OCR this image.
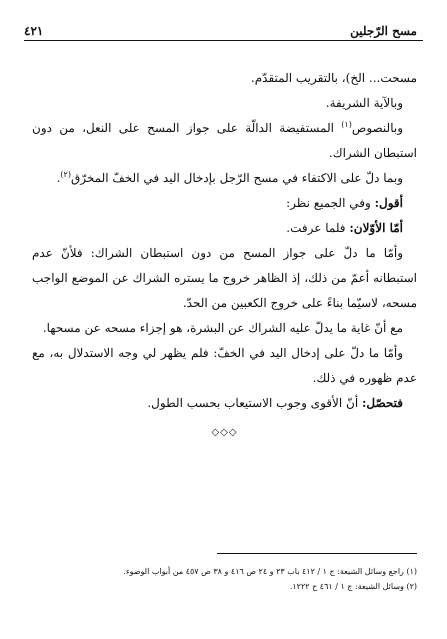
مسح الرّجلين
٤٢١

مسحت... الخ)، بالتقريب المتقدّم.

وبالآية الشريفة.

وبالنصوص$^{(١)}$ المستفيضة الدالّة على جواز المسح على النعل، من دون استبطان الشراك.

وبما دلّ على الاكتفاء في مسح الرّجل بإدخال اليد في الخفّ المخرّق$^{(٢)}$.

أقول: وفي الجميع نظر:

أمّا الأوّلان: فلما عرفت.

وأمّا ما دلّ على جواز المسح من دون استبطان الشراك: فلأنّ عدم استبطانه أعمّ من ذلك، إذ الظاهر خروج ما يستره الشراك عن الموضع الواجب مسحه، لاسيّما بناءً على خروج الكعبين من الحدّ.

مع أنّ غاية ما يدلّ عليه الشراك عن البشرة، هو إجزاء مسحه عن مسحها.

وأمّا ما دلّ على إدخال اليد في الخفّ: فلم يظهر لي وجه الاستدلال به، مع عدم ظهوره في ذلك.

فتحصّل: أنّ الأقوى وجوب الاستيعاب بحسب الطول.

◇◇◇

(١) راجع وسائل الشيعة: ج ١ / ٤١٢ باب ٢٣ و ٢٤ ص ٤١٦ و ٣٨ ص ٤٥٧ من أبواب الوضوء.

(٢) وسائل الشيعة: ج ١ / ٤٦١ ح ١٢٢٢.
